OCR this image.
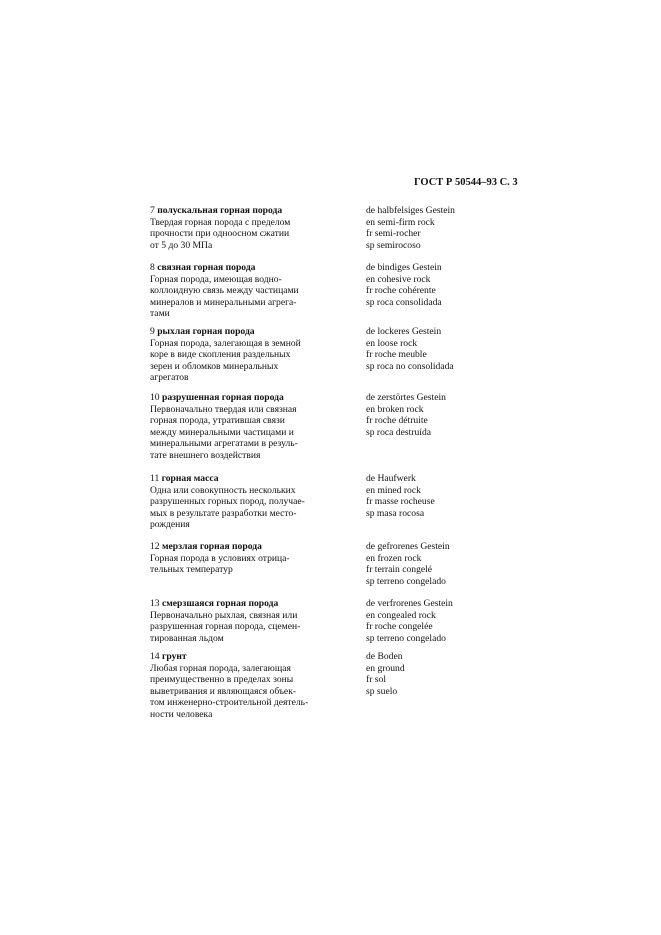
ГОСТ Р 50544–93 С. 3
7 полускальная горная порода
Твердая горная порода с пределом
прочности при одноосном сжатии
от 5 до 30 МПа
de halbfelsiges Gestein
en semi-firm rock
fr semi-rocher
sp semirocoso
8 связная горная порода
Горная порода, имеющая водно-
коллоидную связь между частицами
минералов и минеральными агрега-
тами
de bindiges Gestein
en cohesive rock
fr roche cohérente
sp roca consolidada
9 рыхлая горная порода
Горная порода, залегающая в земной
коре в виде скопления раздельных
зерен и обломков минеральных
агрегатов
de lockeres Gestein
en loose rock
fr roche meuble
sp roca no consolidada
10 разрушенная горная порода
Первоначально твердая или связная
горная порода, утратившая связи
между минеральными частицами и
минеральными агрегатами в резуль-
тате внешнего воздействия
de zerstörtes Gestein
en broken rock
fr roche détruite
sp roca destruída
11 горная масса
Одна или совокупность нескольких
разрушенных горных пород, получае-
мых в результате разработки место-
рождения
de Haufwerk
en mined rock
fr masse rocheuse
sp masa rocosa
12 мерзлая горная порода
Горная порода в условиях отрица-
тельных температур
de gefrorenes Gestein
en frozen rock
fr terrain congelé
sp terreno congelado
13 смерзшаяся горная порода
Первоначально рыхлая, связная или
разрушенная горная порода, сцемен-
тированная льдом
de verfrorenes Gestein
en congealed rock
fr roche congelée
sp terreno congelado
14 грунт
Любая горная порода, залегающая
преимущественно в пределах зоны
выветривания и являющаяся объек-
том инженерно-строительной деятель-
ности человека
de Boden
en ground
fr sol
sp suelo
